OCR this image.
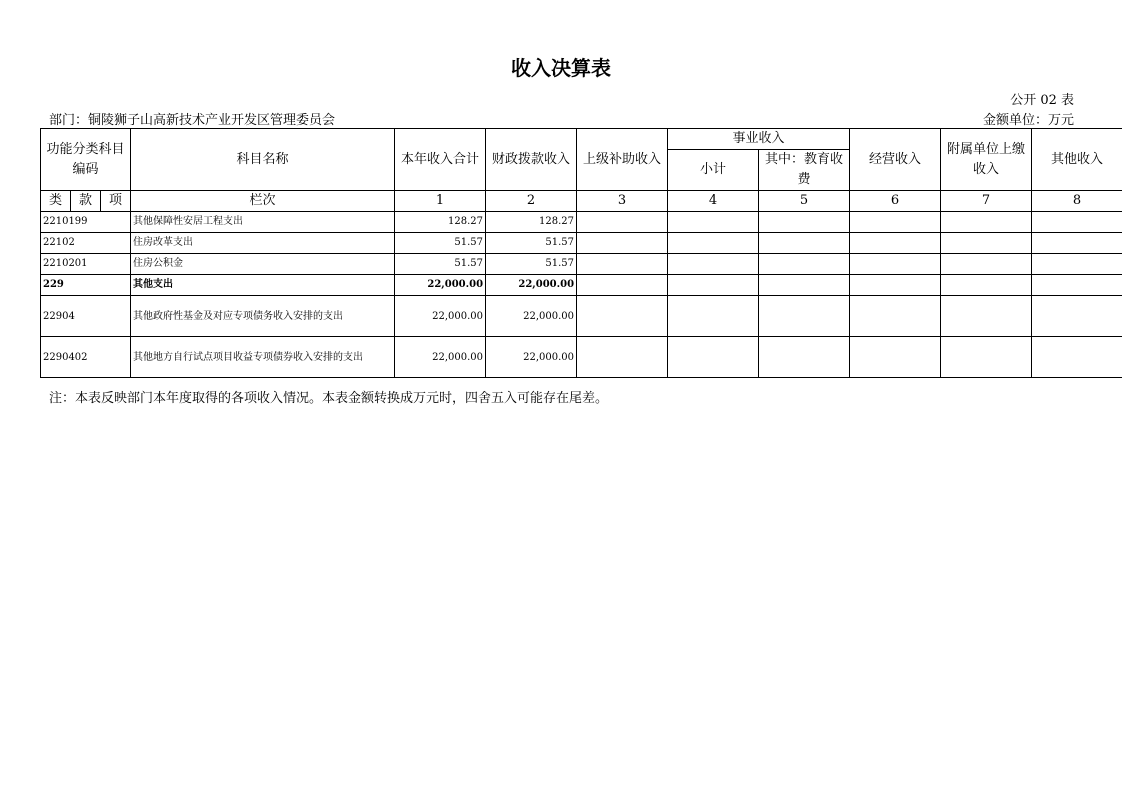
收入决算表
公开 02 表
部门：铜陵狮子山高新技术产业开发区管理委员会	金额单位：万元
功能分类科目编码			科目名称	本年收入合计	财政拨款收入	上级补助收入	事业收入		经营收入	附属单位上缴收入	其他收入
							小计	其中：教育收费			
类	款	项	栏次	1	2	3	4	5	6	7	8
2210199			其他保障性安居工程支出	128.27	128.27						
22102			住房改革支出	51.57	51.57						
2210201			住房公积金	51.57	51.57						
229			其他支出	22,000.00	22,000.00						
22904			其他政府性基金及对应专项债务收入安排的支出	22,000.00	22,000.00						
2290402			其他地方自行试点项目收益专项债券收入安排的支出	22,000.00	22,000.00						
注：本表反映部门本年度取得的各项收入情况。本表金额转换成万元时，四舍五入可能存在尾差。
